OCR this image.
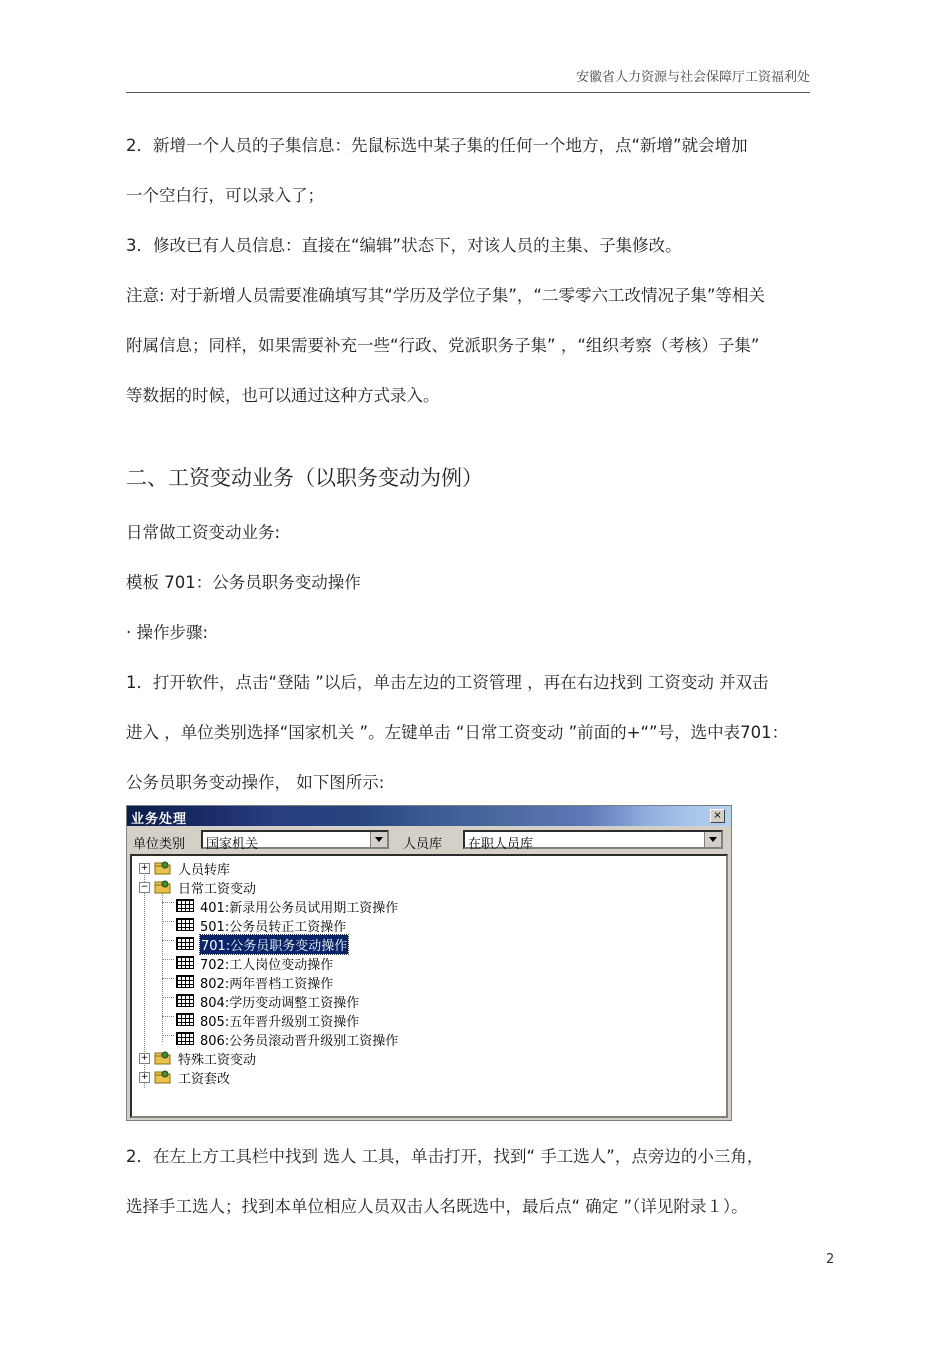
安徽省人力资源与社会保障厅工资福利处
2．新增一个人员的子集信息：先鼠标选中某子集的任何一个地方，点“新增”就会增加
一个空白行，可以录入了；
3．修改已有人员信息：直接在“编辑”状态下，对该人员的主集、子集修改。
注意: 对于新增人员需要准确填写其“学历及学位子集”，“二零零六工改情况子集”等相关
附属信息；同样，如果需要补充一些“行政、党派职务子集” ，“组织考察（考核）子集”
等数据的时候，也可以通过这种方式录入。
二、工资变动业务（以职务变动为例）
日常做工资变动业务:
模板 701：公务员职务变动操作
· 操作步骤:
1．打开软件，点击“登陆 ”以后，单击左边的工资管理 ，再在右边找到 工资变动 并双击
进入 ，单位类别选择“国家机关 ”。左键单击 “日常工资变动 ”前面的+“”号，选中表701：
公务员职务变动操作， 如下图所示:
业务处理	×
单位类别 国家机关	人员库 在职人员库
+ 人员转库
− 日常工资变动
401:新录用公务员试用期工资操作
501:公务员转正工资操作
701:公务员职务变动操作
702:工人岗位变动操作
802:两年晋档工资操作
804:学历变动调整工资操作
805:五年晋升级别工资操作
806:公务员滚动晋升级别工资操作
+ 特殊工资变动
+ 工资套改
2．在左上方工具栏中找到 选人 工具，单击打开，找到“ 手工选人”，点旁边的小三角，
选择手工选人；找到本单位相应人员双击人名既选中，最后点“ 确定 ”（详见附录１）。
2
